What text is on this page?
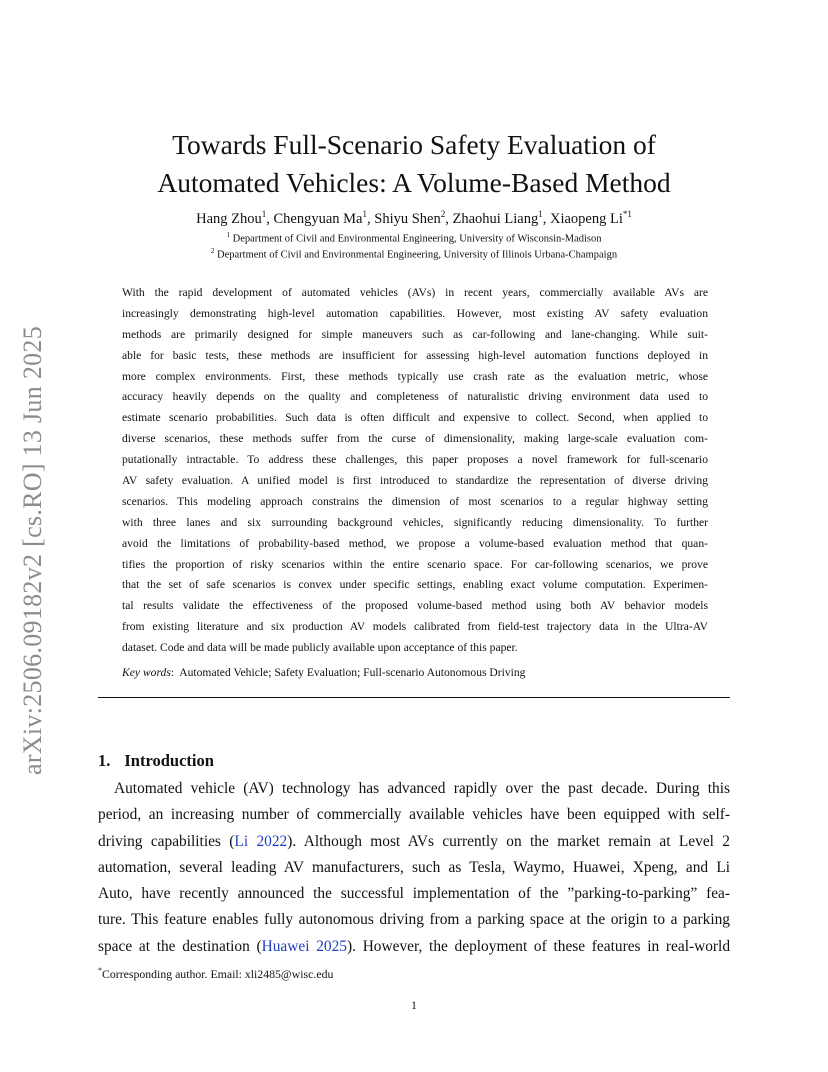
arXiv:2506.09182v2 [cs.RO] 13 Jun 2025
Towards Full-Scenario Safety Evaluation of
Automated Vehicles: A Volume-Based Method
Hang Zhou$^1$, Chengyuan Ma$^1$, Shiyu Shen$^2$, Zhaohui Liang$^1$, Xiaopeng Li$^{*1}$
$^1$ Department of Civil and Environmental Engineering, University of Wisconsin-Madison
$^2$ Department of Civil and Environmental Engineering, University of Illinois Urbana-Champaign
With the rapid development of automated vehicles (AVs) in recent years, commercially available AVs are
increasingly demonstrating high-level automation capabilities. However, most existing AV safety evaluation
methods are primarily designed for simple maneuvers such as car-following and lane-changing. While suit-
able for basic tests, these methods are insufficient for assessing high-level automation functions deployed in
more complex environments. First, these methods typically use crash rate as the evaluation metric, whose
accuracy heavily depends on the quality and completeness of naturalistic driving environment data used to
estimate scenario probabilities. Such data is often difficult and expensive to collect. Second, when applied to
diverse scenarios, these methods suffer from the curse of dimensionality, making large-scale evaluation com-
putationally intractable. To address these challenges, this paper proposes a novel framework for full-scenario
AV safety evaluation. A unified model is first introduced to standardize the representation of diverse driving
scenarios. This modeling approach constrains the dimension of most scenarios to a regular highway setting
with three lanes and six surrounding background vehicles, significantly reducing dimensionality. To further
avoid the limitations of probability-based method, we propose a volume-based evaluation method that quan-
tifies the proportion of risky scenarios within the entire scenario space. For car-following scenarios, we prove
that the set of safe scenarios is convex under specific settings, enabling exact volume computation. Experimen-
tal results validate the effectiveness of the proposed volume-based method using both AV behavior models
from existing literature and six production AV models calibrated from field-test trajectory data in the Ultra-AV
dataset. Code and data will be made publicly available upon acceptance of this paper.
Key words:  Automated Vehicle; Safety Evaluation; Full-scenario Autonomous Driving
1. Introduction
Automated vehicle (AV) technology has advanced rapidly over the past decade. During this
period, an increasing number of commercially available vehicles have been equipped with self-
driving capabilities (Li 2022). Although most AVs currently on the market remain at Level 2
automation, several leading AV manufacturers, such as Tesla, Waymo, Huawei, Xpeng, and Li
Auto, have recently announced the successful implementation of the ”parking-to-parking” fea-
ture. This feature enables fully autonomous driving from a parking space at the origin to a parking
space at the destination (Huawei 2025). However, the deployment of these features in real-world
*Corresponding author. Email: xli2485@wisc.edu
1
